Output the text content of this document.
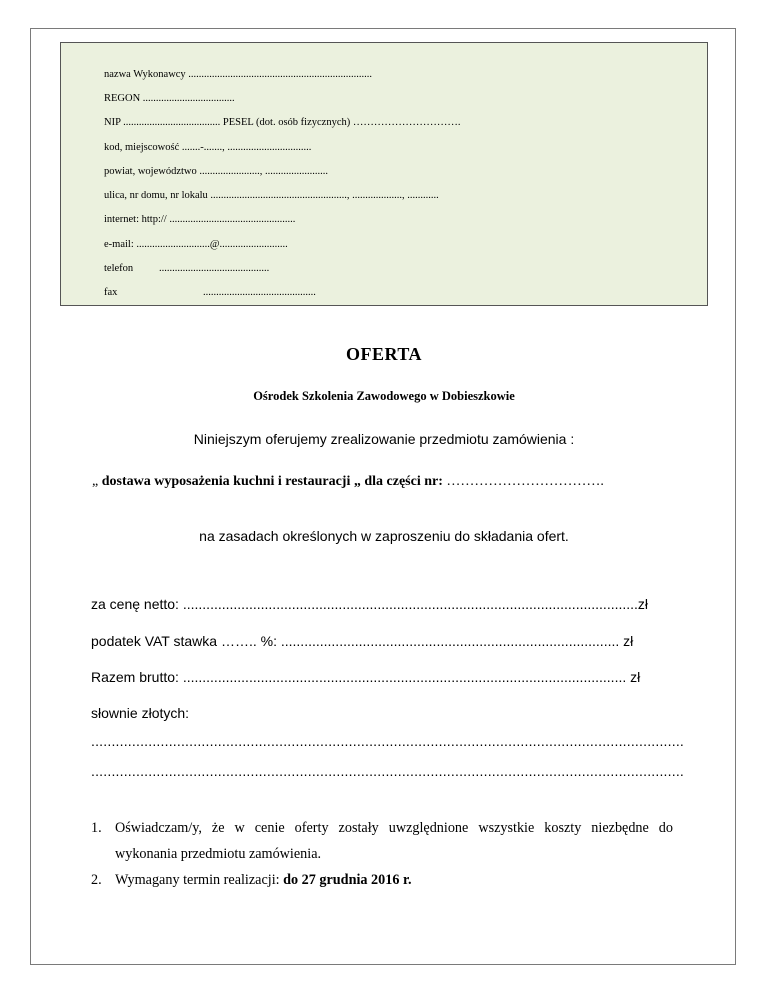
nazwa Wykonawcy ......................................................................
REGON ...................................
NIP ..................................... PESEL (dot. osób fizycznych) ………………………….
kod, miejscowość .......-......., ................................
powiat, województwo ......................., ........................
ulica, nr domu, nr lokalu ...................................................., ..................., ............
internet: http:// ................................................
e-mail: ............................@..........................
telefon ..........................................
fax	...........................................
OFERTA
Ośrodek Szkolenia Zawodowego w Dobieszkowie
Niniejszym oferujemy zrealizowanie przedmiotu zamówienia :
„ dostawa wyposażenia kuchni i restauracji „ dla części nr: …………………………….
na zasadach określonych w zaproszeniu do składania ofert.
za cenę netto: .....................................................................................................................zł
podatek VAT stawka …….. %: ....................................................................................... zł
Razem brutto: .................................................................................................................. zł
słownie złotych:
.................................................................................................................................................
.................................................................................................................................................
1. Oświadczam/y, że w cenie oferty zostały uwzględnione wszystkie koszty niezbędne do
wykonania przedmiotu zamówienia.
2. Wymagany termin realizacji: do 27 grudnia 2016 r.
